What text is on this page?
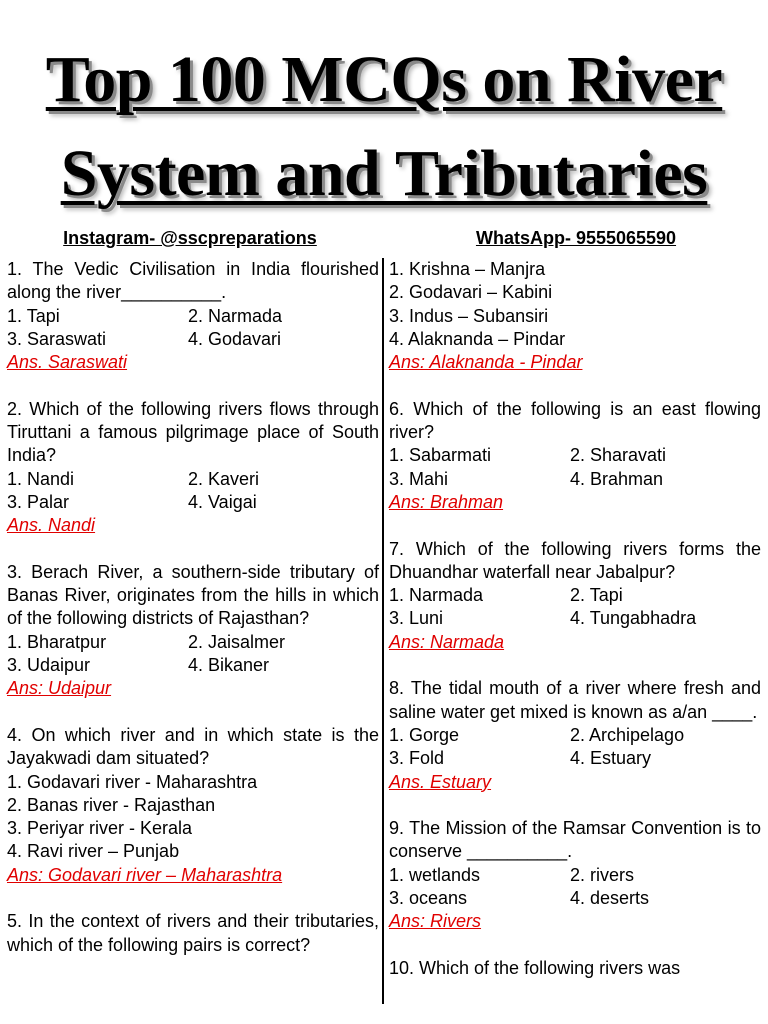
Top 100 MCQs on River
System and Tributaries
Instagram- @sscpreparations	WhatsApp- 9555065590

1. The Vedic Civilisation in India flourished along the river__________.

1. Tapi	2. Narmada
3. Saraswati	4. Godavari
Ans. Saraswati

2. Which of the following rivers flows through Tiruttani a famous pilgrimage place of South India?

1. Nandi	2. Kaveri
3. Palar	4. Vaigai
Ans. Nandi

3. Berach River, a southern-side tributary of Banas River, originates from the hills in which of the following districts of Rajasthan?

1. Bharatpur	2. Jaisalmer
3. Udaipur	4. Bikaner
Ans: Udaipur

4. On which river and in which state is the Jayakwadi dam situated?

1. Godavari river - Maharashtra
2. Banas river - Rajasthan
3. Periyar river - Kerala
4. Ravi river – Punjab
Ans: Godavari river – Maharashtra

5. In the context of rivers and their tributaries, which of the following pairs is correct?

1. Krishna – Manjra
2. Godavari – Kabini
3. Indus – Subansiri
4. Alaknanda – Pindar
Ans: Alaknanda - Pindar

6. Which of the following is an east flowing river?

1. Sabarmati	2. Sharavati
3. Mahi	4. Brahman
Ans: Brahman

7. Which of the following rivers forms the Dhuandhar waterfall near Jabalpur?

1. Narmada	2. Tapi
3. Luni	4. Tungabhadra
Ans: Narmada

8. The tidal mouth of a river where fresh and saline water get mixed is known as a/an ____.

1. Gorge	2. Archipelago
3. Fold	4. Estuary
Ans. Estuary

9. The Mission of the Ramsar Convention is to conserve __________.

1. wetlands	2. rivers
3. oceans	4. deserts
Ans: Rivers

10. Which of the following rivers was
